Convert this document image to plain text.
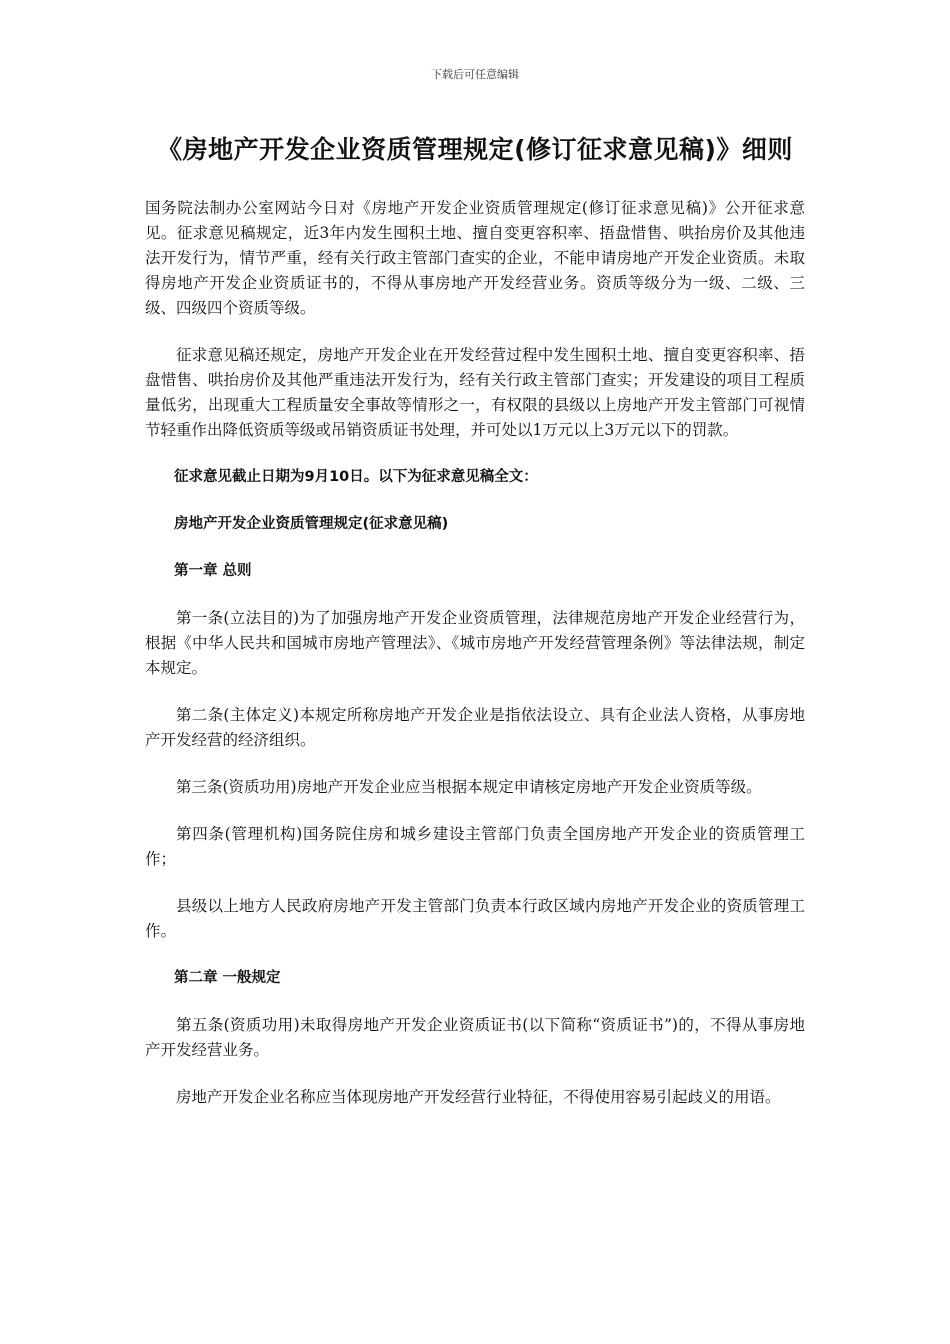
下载后可任意编辑
《房地产开发企业资质管理规定(修订征求意见稿)》细则

国务院法制办公室网站今日对《房地产开发企业资质管理规定(修订征求意见稿)》公开征求意见。征求意见稿规定，近3年内发生囤积土地、擅自变更容积率、捂盘惜售、哄抬房价及其他违法开发行为，情节严重，经有关行政主管部门查实的企业，不能申请房地产开发企业资质。未取得房地产开发企业资质证书的，不得从事房地产开发经营业务。资质等级分为一级、二级、三级、四级四个资质等级。

征求意见稿还规定，房地产开发企业在开发经营过程中发生囤积土地、擅自变更容积率、捂盘惜售、哄抬房价及其他严重违法开发行为，经有关行政主管部门查实；开发建设的项目工程质量低劣，出现重大工程质量安全事故等情形之一，有权限的县级以上房地产开发主管部门可视情节轻重作出降低资质等级或吊销资质证书处理，并可处以1万元以上3万元以下的罚款。

征求意见截止日期为9月10日。以下为征求意见稿全文：

房地产开发企业资质管理规定(征求意见稿)

第一章 总则

第一条(立法目的)为了加强房地产开发企业资质管理，法律规范房地产开发企业经营行为，根据《中华人民共和国城市房地产管理法》、《城市房地产开发经营管理条例》等法律法规，制定本规定。

第二条(主体定义)本规定所称房地产开发企业是指依法设立、具有企业法人资格，从事房地产开发经营的经济组织。

第三条(资质功用)房地产开发企业应当根据本规定申请核定房地产开发企业资质等级。

第四条(管理机构)国务院住房和城乡建设主管部门负责全国房地产开发企业的资质管理工作；

县级以上地方人民政府房地产开发主管部门负责本行政区域内房地产开发企业的资质管理工作。

第二章 一般规定

第五条(资质功用)未取得房地产开发企业资质证书(以下简称“资质证书”)的，不得从事房地产开发经营业务。

房地产开发企业名称应当体现房地产开发经营行业特征，不得使用容易引起歧义的用语。
